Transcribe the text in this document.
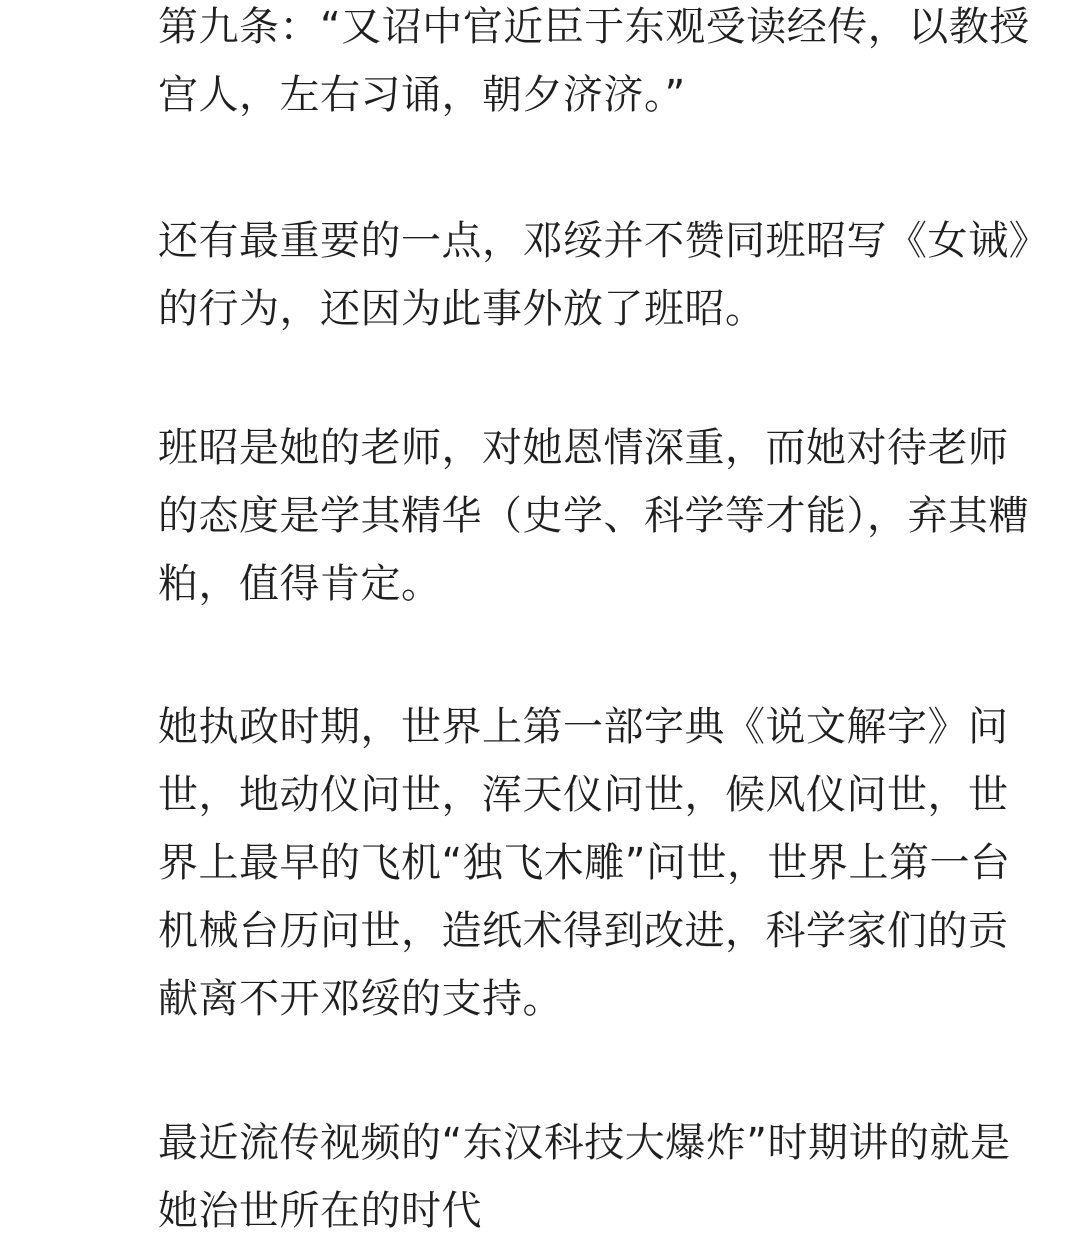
第九条：“又诏中官近臣于东观受读经传，以教授
宫人，左右习诵，朝夕济济。”

还有最重要的一点，邓绥并不赞同班昭写《女诫》
的行为，还因为此事外放了班昭。

班昭是她的老师，对她恩情深重，而她对待老师
的态度是学其精华（史学、科学等才能），弃其糟
粕，值得肯定。

她执政时期，世界上第一部字典《说文解字》问
世，地动仪问世，浑天仪问世，候风仪问世，世
界上最早的飞机“独飞木雕”问世，世界上第一台
机械台历问世，造纸术得到改进，科学家们的贡
献离不开邓绥的支持。

最近流传视频的“东汉科技大爆炸”时期讲的就是
她治世所在的时代
